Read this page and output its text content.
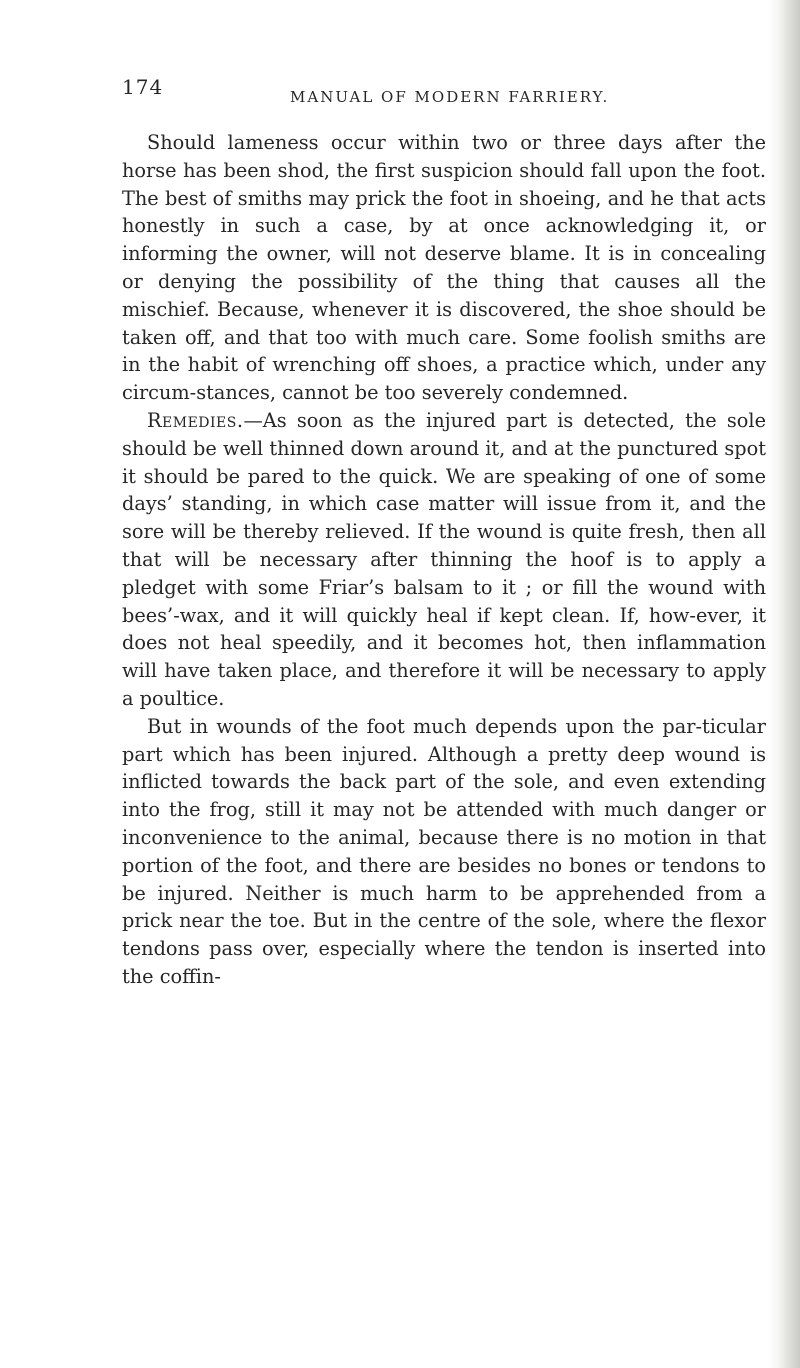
174	MANUAL OF MODERN FARRIERY.

Should lameness occur within two or three days after the horse has been shod, the first suspicion should fall upon the foot. The best of smiths may prick the foot in shoeing, and he that acts honestly in such a case, by at once acknowledging it, or informing the owner, will not deserve blame. It is in concealing or denying the possibility of the thing that causes all the mischief. Because, whenever it is discovered, the shoe should be taken off, and that too with much care. Some foolish smiths are in the habit of wrenching off shoes, a practice which, under any circum-stances, cannot be too severely condemned.

Remedies.—As soon as the injured part is detected, the sole should be well thinned down around it, and at the punctured spot it should be pared to the quick. We are speaking of one of some days’ standing, in which case matter will issue from it, and the sore will be thereby relieved. If the wound is quite fresh, then all that will be necessary after thinning the hoof is to apply a pledget with some Friar’s balsam to it ; or fill the wound with bees’-wax, and it will quickly heal if kept clean. If, how-ever, it does not heal speedily, and it becomes hot, then inflammation will have taken place, and therefore it will be necessary to apply a poultice.

But in wounds of the foot much depends upon the par-ticular part which has been injured. Although a pretty deep wound is inflicted towards the back part of the sole, and even extending into the frog, still it may not be attended with much danger or inconvenience to the animal, because there is no motion in that portion of the foot, and there are besides no bones or tendons to be injured. Neither is much harm to be apprehended from a prick near the toe. But in the centre of the sole, where the flexor tendons pass over, especially where the tendon is inserted into the coffin-
